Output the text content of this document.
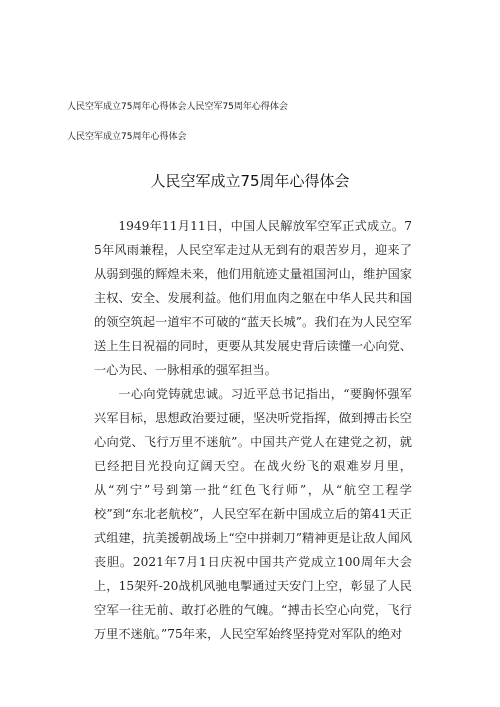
人民空军成立75周年心得体会人民空军75周年心得体会
人民空军成立75周年心得体会
人民空军成立75周年心得体会

1949年11月11日，中国人民解放军空军正式成立。75年风雨兼程，人民空军走过从无到有的艰苦岁月，迎来了从弱到强的辉煌未来，他们用航迹丈量祖国河山，维护国家主权、安全、发展利益。他们用血肉之躯在中华人民共和国的领空筑起一道牢不可破的“蓝天长城”。我们在为人民空军送上生日祝福的同时，更要从其发展史背后读懂一心向党、一心为民、一脉相承的强军担当。

一心向党铸就忠诚。习近平总书记指出，“要胸怀强军兴军目标，思想政治要过硬，坚决听党指挥，做到搏击长空心向党、飞行万里不迷航”。中国共产党人在建党之初，就已经把目光投向辽阔天空。在战火纷飞的艰难岁月里，从“列宁”号到第一批“红色飞行师”，从“航空工程学校”到“东北老航校”，人民空军在新中国成立后的第41天正式组建，抗美援朝战场上“空中拼刺刀”精神更是让敌人闻风丧胆。2021年7月1日庆祝中国共产党成立100周年大会上，15架歼-20战机风驰电掣通过天安门上空，彰显了人民空军一往无前、敢打必胜的气魄。“搏击长空心向党，飞行万里不迷航。”75年来，人民空军始终坚持党对军队的绝对
